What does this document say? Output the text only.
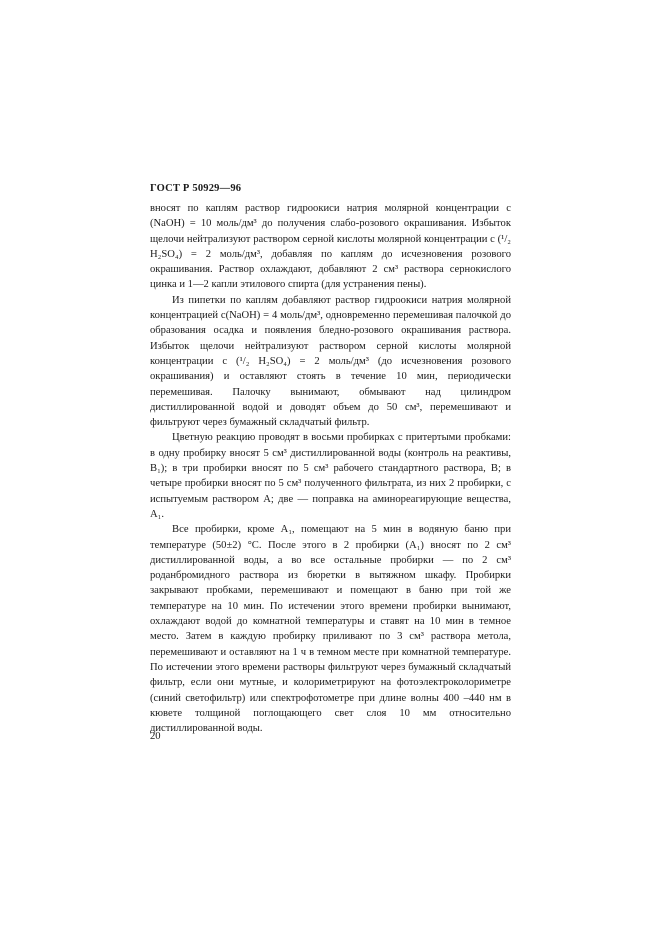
ГОСТ Р 50929—96

вносят по каплям раствор гидроокиси натрия молярной концентрации c (NaOH) = 10 моль/дм³ до получения слабо-розового окрашивания. Избыток щелочи нейтрализуют раствором серной кислоты молярной концентрации c (¹/₂ H₂SO₄) = 2 моль/дм³, добавляя по каплям до исчезновения розового окрашивания. Раствор охлаждают, добавляют 2 см³ раствора сернокислого цинка и 1—2 капли этилового спирта (для устранения пены).

Из пипетки по каплям добавляют раствор гидроокиси натрия молярной концентрацией c(NaOH) = 4 моль/дм³, одновременно перемешивая палочкой до образования осадка и появления бледно-розового окрашивания раствора. Избыток щелочи нейтрализуют раствором серной кислоты молярной концентрации c (¹/₂ H₂SO₄) = 2 моль/дм³ (до исчезновения розового окрашивания) и оставляют стоять в течение 10 мин, периодически перемешивая. Палочку вынимают, обмывают над цилиндром дистиллированной водой и доводят объем до 50 см³, перемешивают и фильтруют через бумажный складчатый фильтр.

Цветную реакцию проводят в восьми пробирках с притертыми пробками: в одну пробирку вносят 5 см³ дистиллированной воды (контроль на реактивы, B₁); в три пробирки вносят по 5 см³ рабочего стандартного раствора, B; в четыре пробирки вносят по 5 см³ полученного фильтрата, из них 2 пробирки, с испытуемым раствором A; две — поправка на аминореагирующие вещества, A₁.

Все пробирки, кроме A₁, помещают на 5 мин в водяную баню при температуре (50±2) °C. После этого в 2 пробирки (A₁) вносят по 2 см³ дистиллированной воды, а во все остальные пробирки — по 2 см³ роданбромидного раствора из бюретки в вытяжном шкафу. Пробирки закрывают пробками, перемешивают и помещают в баню при той же температуре на 10 мин. По истечении этого времени пробирки вынимают, охлаждают водой до комнатной температуры и ставят на 10 мин в темное место. Затем в каждую пробирку приливают по 3 см³ раствора метола, перемешивают и оставляют на 1 ч в темном месте при комнатной температуре. По истечении этого времени растворы фильтруют через бумажный складчатый фильтр, если они мутные, и колориметрируют на фотоэлектроколориметре (синий светофильтр) или спектрофотометре при длине волны 400 –440 нм в кювете толщиной поглощающего свет слоя 10 мм относительно дистиллированной воды.

20
